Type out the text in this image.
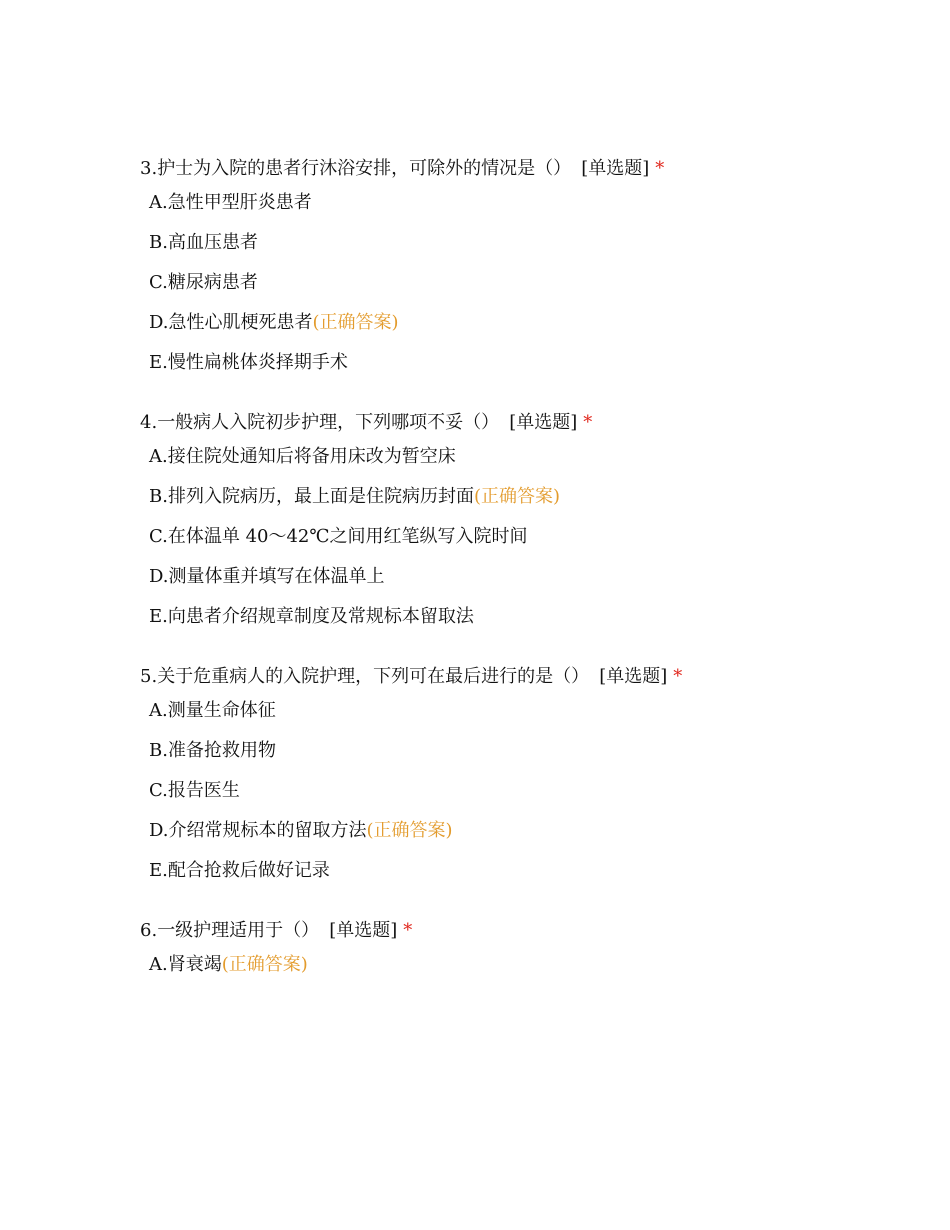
3.护士为入院的患者行沐浴安排，可除外的情况是（） [单选题] *
A.急性甲型肝炎患者
B.高血压患者
C.糖尿病患者
D.急性心肌梗死患者(正确答案)
E.慢性扁桃体炎择期手术
4.一般病人入院初步护理，下列哪项不妥（） [单选题] *
A.接住院处通知后将备用床改为暂空床
B.排列入院病历，最上面是住院病历封面(正确答案)
C.在体温单 40～42℃之间用红笔纵写入院时间
D.测量体重并填写在体温单上
E.向患者介绍规章制度及常规标本留取法
5.关于危重病人的入院护理，下列可在最后进行的是（） [单选题] *
A.测量生命体征
B.准备抢救用物
C.报告医生
D.介绍常规标本的留取方法(正确答案)
E.配合抢救后做好记录
6.一级护理适用于（） [单选题] *
A.肾衰竭(正确答案)
